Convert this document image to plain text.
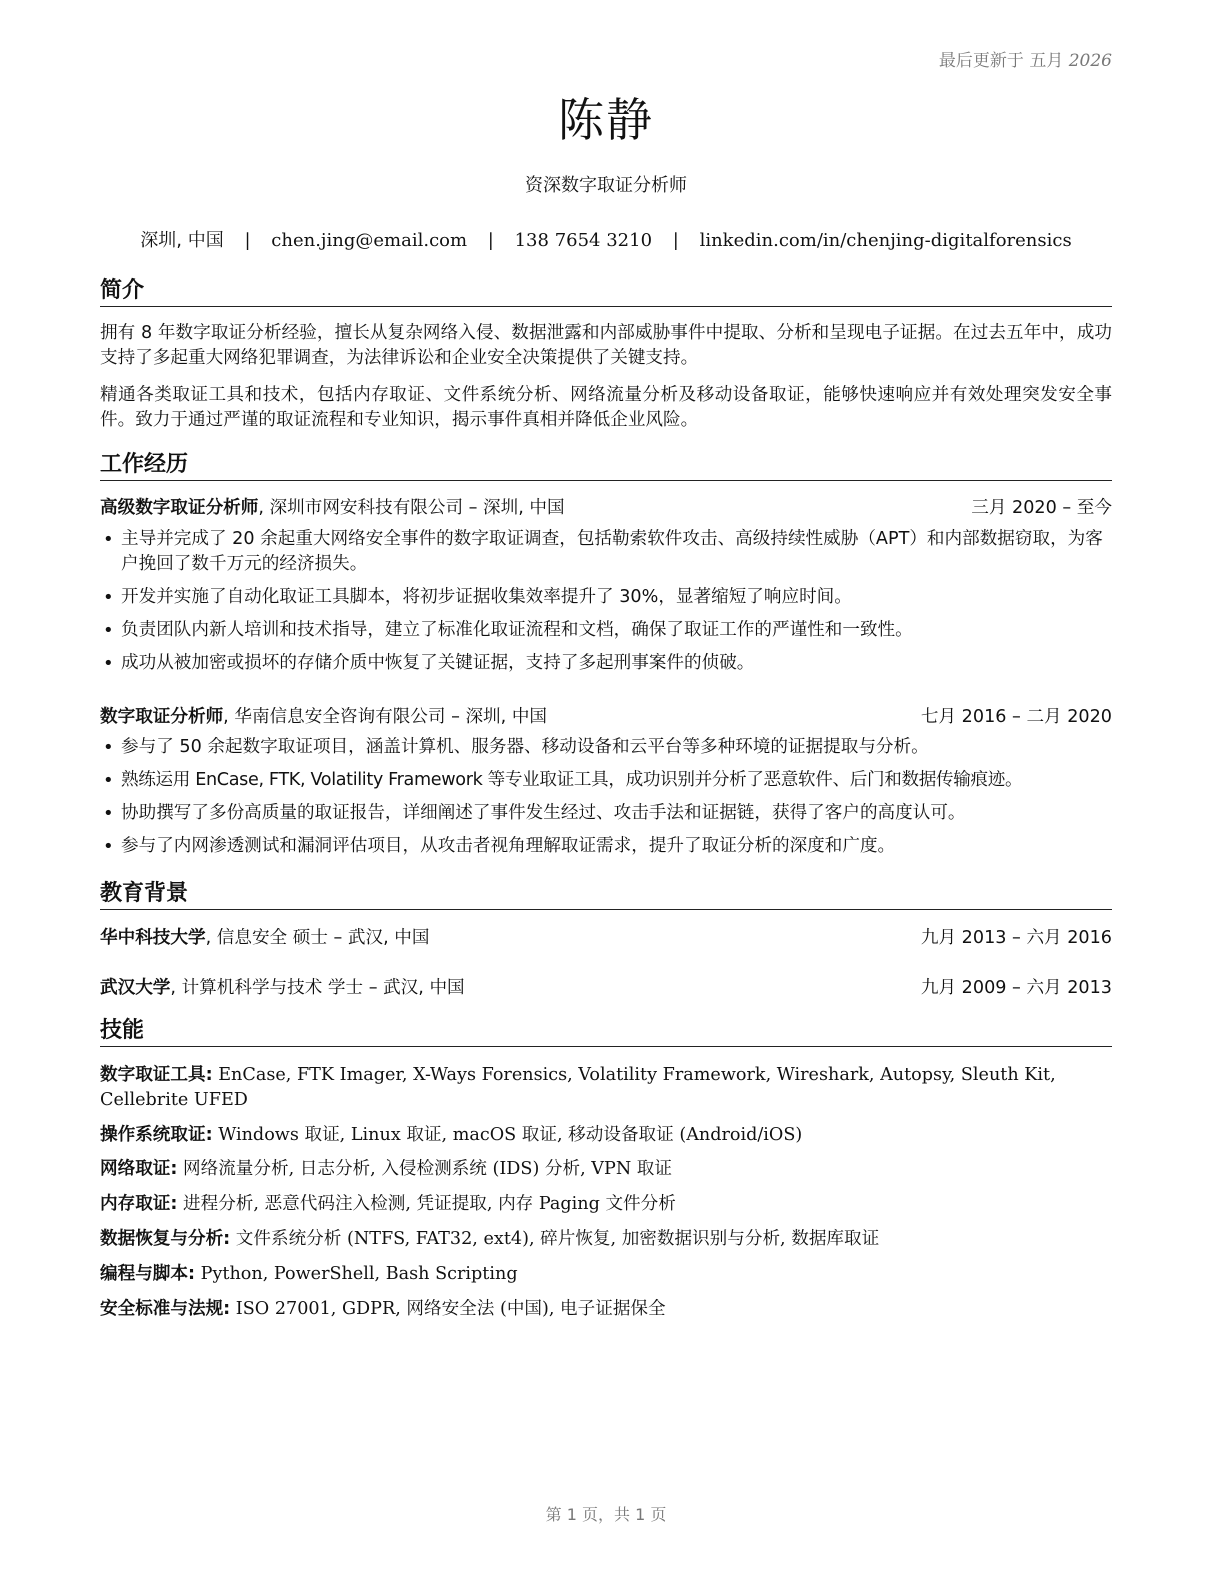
最后更新于 五月 2026
陈静
资深数字取证分析师
深圳, 中国 | chen.jing@email.com | 138 7654 3210 | linkedin.com/in/chenjing-digitalforensics
简介
拥有 8 年数字取证分析经验，擅长从复杂网络入侵、数据泄露和内部威胁事件中提取、分析和呈现电子证据。在过去五年中，成功支持了多起重大网络犯罪调查，为法律诉讼和企业安全决策提供了关键支持。
精通各类取证工具和技术，包括内存取证、文件系统分析、网络流量分析及移动设备取证，能够快速响应并有效处理突发安全事件。致力于通过严谨的取证流程和专业知识，揭示事件真相并降低企业风险。
工作经历
高级数字取证分析师, 深圳市网安科技有限公司 – 深圳, 中国	三月 2020 – 至今
• 主导并完成了 20 余起重大网络安全事件的数字取证调查，包括勒索软件攻击、高级持续性威胁（APT）和内部数据窃取，为客户挽回了数千万元的经济损失。
• 开发并实施了自动化取证工具脚本，将初步证据收集效率提升了 30%，显著缩短了响应时间。
• 负责团队内新人培训和技术指导，建立了标准化取证流程和文档，确保了取证工作的严谨性和一致性。
• 成功从被加密或损坏的存储介质中恢复了关键证据，支持了多起刑事案件的侦破。
数字取证分析师, 华南信息安全咨询有限公司 – 深圳, 中国	七月 2016 – 二月 2020
• 参与了 50 余起数字取证项目，涵盖计算机、服务器、移动设备和云平台等多种环境的证据提取与分析。
• 熟练运用 EnCase, FTK, Volatility Framework 等专业取证工具，成功识别并分析了恶意软件、后门和数据传输痕迹。
• 协助撰写了多份高质量的取证报告，详细阐述了事件发生经过、攻击手法和证据链，获得了客户的高度认可。
• 参与了内网渗透测试和漏洞评估项目，从攻击者视角理解取证需求，提升了取证分析的深度和广度。
教育背景
华中科技大学, 信息安全 硕士 – 武汉, 中国	九月 2013 – 六月 2016
武汉大学, 计算机科学与技术 学士 – 武汉, 中国	九月 2009 – 六月 2013
技能
数字取证工具: EnCase, FTK Imager, X-Ways Forensics, Volatility Framework, Wireshark, Autopsy, Sleuth Kit, Cellebrite UFED
操作系统取证: Windows 取证, Linux 取证, macOS 取证, 移动设备取证 (Android/iOS)
网络取证: 网络流量分析, 日志分析, 入侵检测系统 (IDS) 分析, VPN 取证
内存取证: 进程分析, 恶意代码注入检测, 凭证提取, 内存 Paging 文件分析
数据恢复与分析: 文件系统分析 (NTFS, FAT32, ext4), 碎片恢复, 加密数据识别与分析, 数据库取证
编程与脚本: Python, PowerShell, Bash Scripting
安全标准与法规: ISO 27001, GDPR, 网络安全法 (中国), 电子证据保全
第 1 页，共 1 页
